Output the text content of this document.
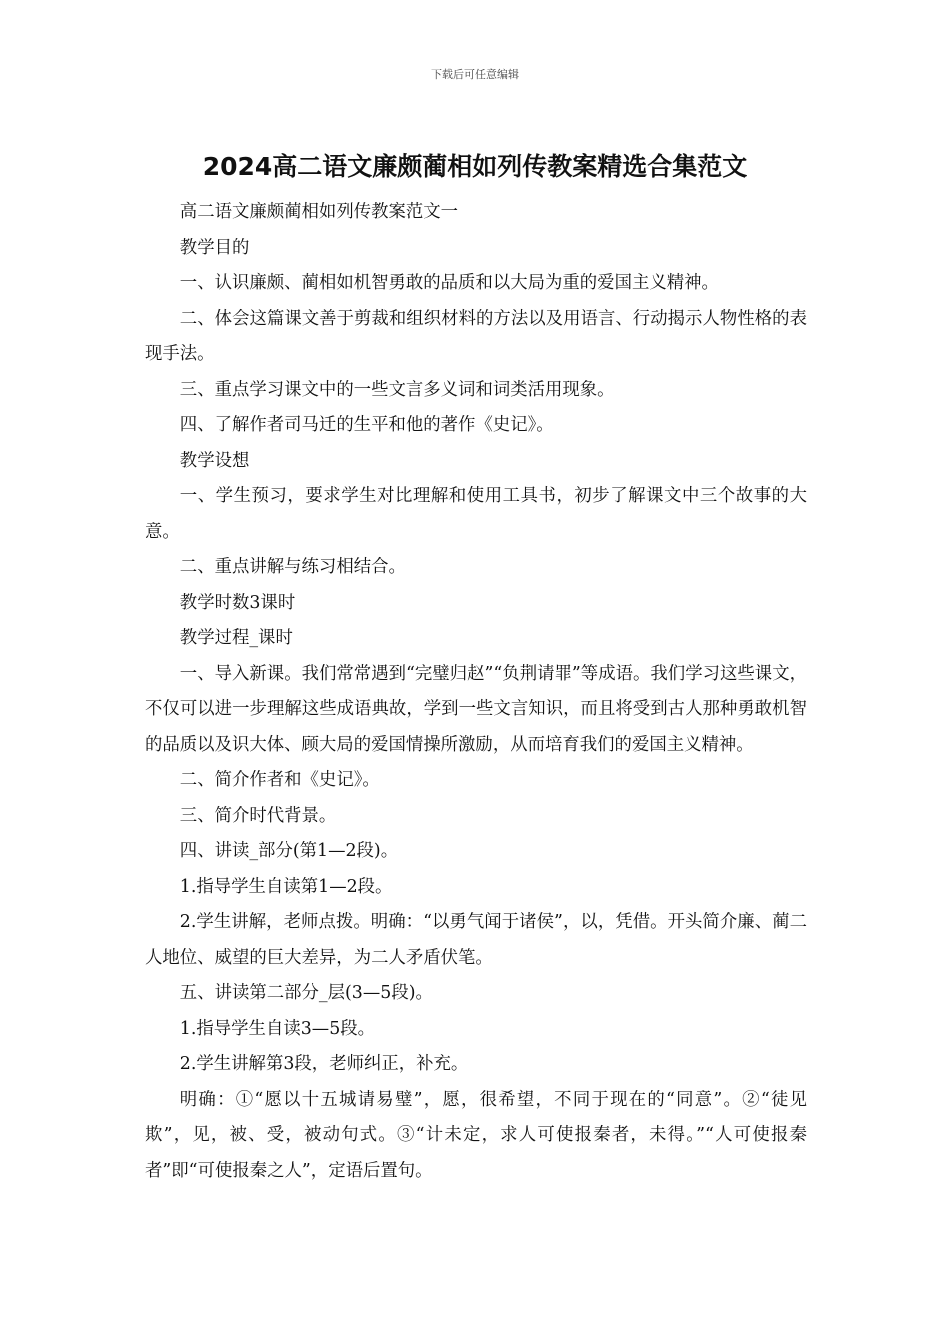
下载后可任意编辑
2024高二语文廉颇蔺相如列传教案精选合集范文

高二语文廉颇蔺相如列传教案范文一

教学目的

一、认识廉颇、蔺相如机智勇敢的品质和以大局为重的爱国主义精神。

二、体会这篇课文善于剪裁和组织材料的方法以及用语言、行动揭示人物性格的表现手法。

三、重点学习课文中的一些文言多义词和词类活用现象。

四、了解作者司马迁的生平和他的著作《史记》。

教学设想

一、学生预习，要求学生对比理解和使用工具书，初步了解课文中三个故事的大意。

二、重点讲解与练习相结合。

教学时数3课时

教学过程_课时

一、导入新课。我们常常遇到“完璧归赵”“负荆请罪”等成语。我们学习这些课文，不仅可以进一步理解这些成语典故，学到一些文言知识，而且将受到古人那种勇敢机智的品质以及识大体、顾大局的爱国情操所激励，从而培育我们的爱国主义精神。

二、简介作者和《史记》。

三、简介时代背景。

四、讲读_部分(第1—2段)。

1.指导学生自读第1—2段。

2.学生讲解，老师点拨。明确：“以勇气闻于诸侯”，以，凭借。开头简介廉、蔺二人地位、威望的巨大差异，为二人矛盾伏笔。

五、讲读第二部分_层(3—5段)。

1.指导学生自读3—5段。

2.学生讲解第3段，老师纠正，补充。

明确：①“愿以十五城请易璧”，愿，很希望，不同于现在的“同意”。②“徒见欺”，见，被、受，被动句式。③“计未定，求人可使报秦者，未得。”“人可使报秦者”即“可使报秦之人”，定语后置句。
